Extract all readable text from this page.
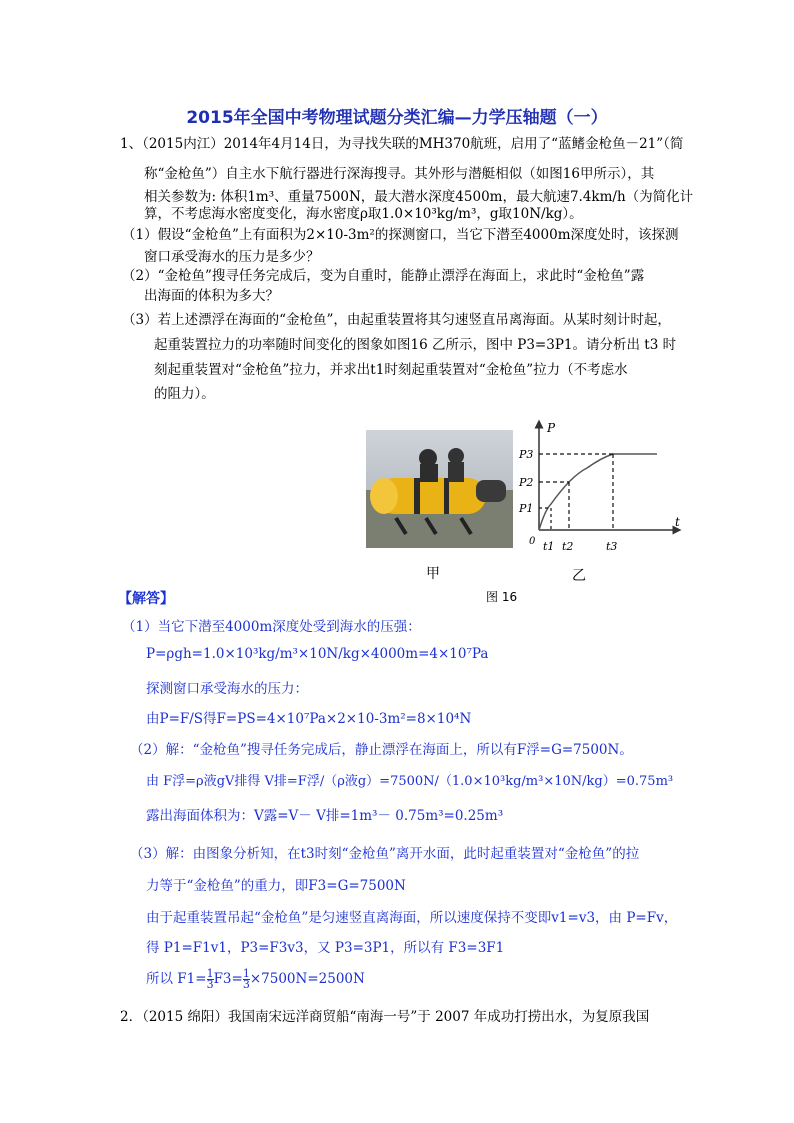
2015年全国中考物理试题分类汇编—力学压轴题（一）
1、（2015内江）2014年4月14日，为寻找失联的MH370航班，启用了“蓝鳍金枪鱼－21”（简
称“金枪鱼”）自主水下航行器进行深海搜寻。其外形与潜艇相似（如图16甲所示），其
相关参数为: 体积1m³、重量7500N，最大潜水深度4500m，最大航速7.4km/h（为简化计
算，不考虑海水密度变化，海水密度ρ取1.0×10³kg/m³，g取10N/kg）。
（1）假设“金枪鱼”上有面积为2×10-3m²的探测窗口，当它下潜至4000m深度处时，该探测
窗口承受海水的压力是多少？
（2）“金枪鱼”搜寻任务完成后，变为自重时，能静止漂浮在海面上，求此时“金枪鱼”露
出海面的体积为多大？
（3）若上述漂浮在海面的“金枪鱼”，由起重装置将其匀速竖直吊离海面。从某时刻计时起，
起重装置拉力的功率随时间变化的图象如图16 乙所示，图中 P3=3P1。请分析出 t3 时
刻起重装置对“金枪鱼”拉力，并求出t1时刻起重装置对“金枪鱼”拉力（不考虑水
的阻力）。
P
t
0
P3
P2
P1
t1 t2	t3
甲	乙
图 16
【解答】
（1）当它下潜至4000m深度处受到海水的压强：
P=ρgh=1.0×10³kg/m³×10N/kg×4000m=4×10⁷Pa
探测窗口承受海水的压力：
由P=F/S得F=PS=4×10⁷Pa×2×10-3m²=8×10⁴N
（2）解：“金枪鱼”搜寻任务完成后，静止漂浮在海面上，所以有F浮=G=7500N。
由 F浮=ρ液gV排得 V排=F浮/（ρ液g）=7500N/（1.0×10³kg/m³×10N/kg）=0.75m³
露出海面体积为：V露=V－ V排=1m³－ 0.75m³=0.25m³
（3）解：由图象分析知，在t3时刻“金枪鱼”离开水面，此时起重装置对“金枪鱼”的拉
力等于“金枪鱼”的重力，即F3=G=7500N
由于起重装置吊起“金枪鱼”是匀速竖直离海面，所以速度保持不变即v1=v3，由 P=Fv，
得 P1=F1v1，P3=F3v3，又 P3=3P1，所以有 F3=3F1
所以 $F1= \frac{1}{3} F3= \frac{1}{3} \times 7500N=2500N$
2．（2015 绵阳）我国南宋远洋商贸船“南海一号”于 2007 年成功打捞出水，为复原我国
